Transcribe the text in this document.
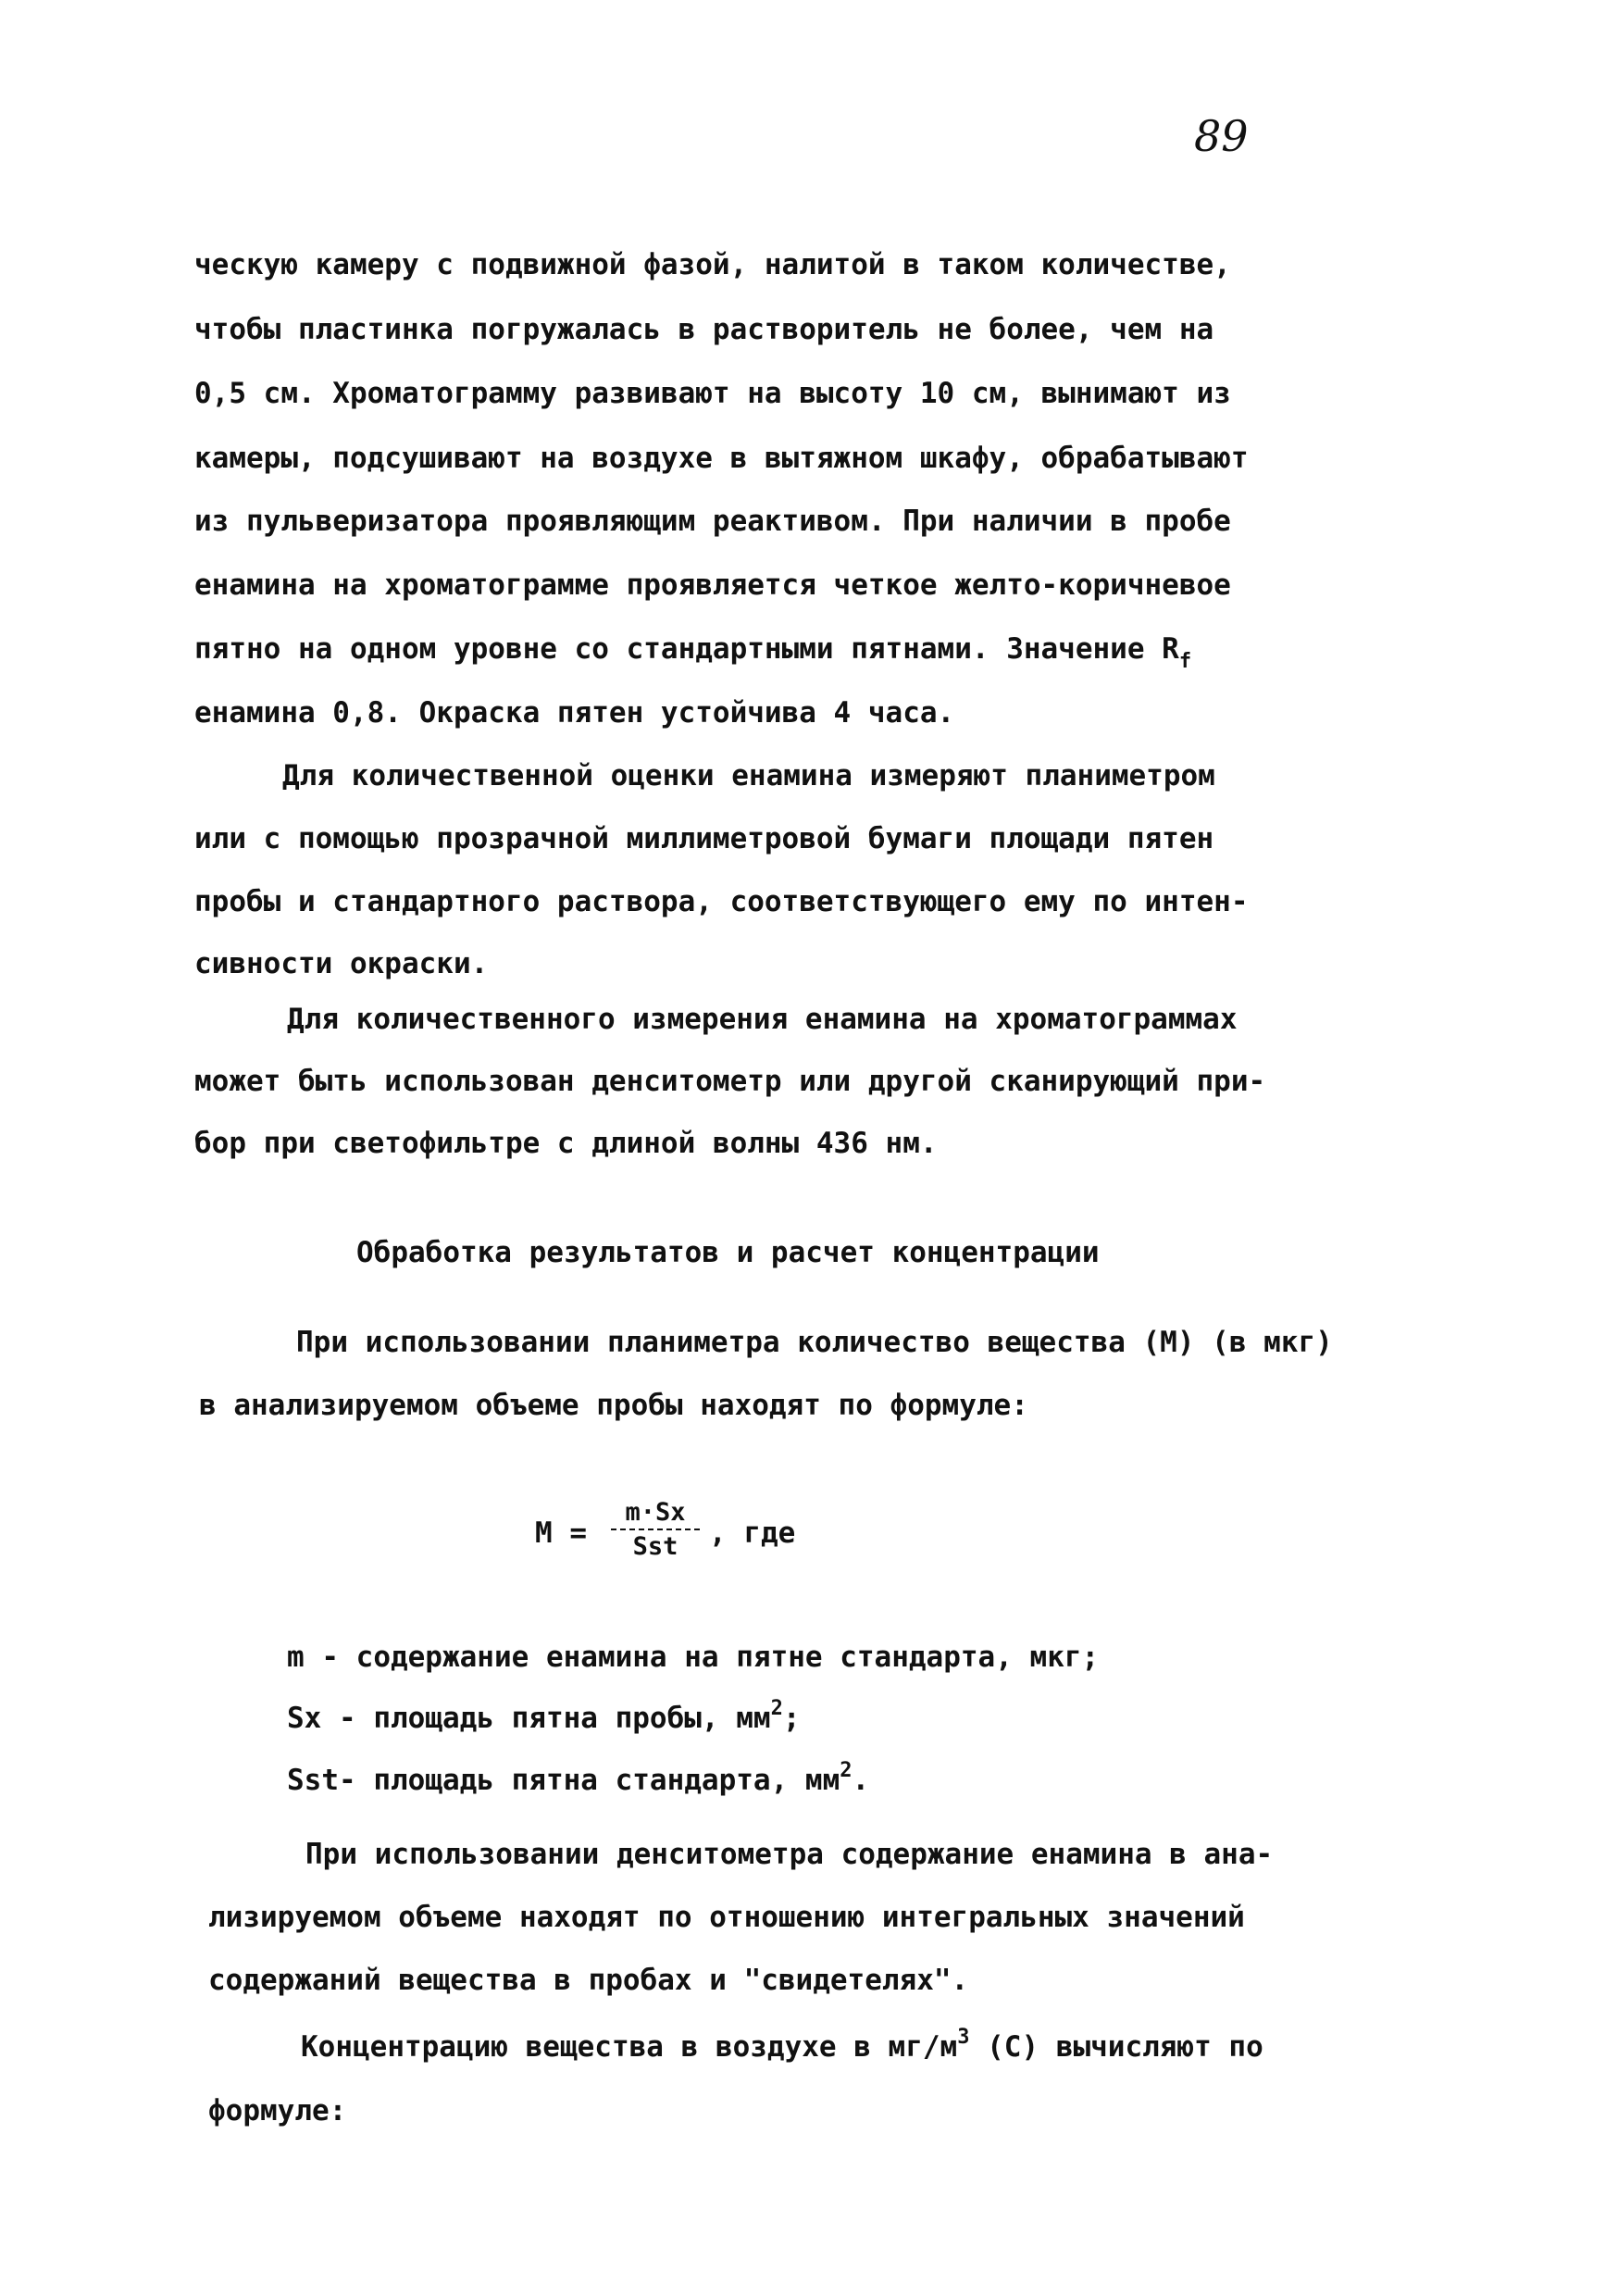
89
ческую камеру с подвижной фазой, налитой в таком количестве,
чтобы пластинка погружалась в растворитель не более, чем на
0,5 см. Хроматограмму развивают на высоту 10 см, вынимают из
камеры, подсушивают на воздухе в вытяжном шкафу, обрабатывают
из пульверизатора проявляющим реактивом. При наличии в пробе
енамина на хроматограмме проявляется четкое желто-коричневое
пятно на одном уровне со стандартными пятнами. Значение $R_f$
енамина 0,8. Окраска пятен устойчива 4 часа.
Для количественной оценки енамина измеряют планиметром
или с помощью прозрачной миллиметровой бумаги площади пятен
пробы и стандартного раствора, соответствующего ему по интен-
сивности окраски.
Для количественного измерения енамина на хроматограммах
может быть использован денситометр или другой сканирующий при-
бор при светофильтре с длиной волны 436 нм.
Обработка результатов и расчет концентрации
При использовании планиметра количество вещества (М) (в мкг)
в анализируемом объеме пробы находят по формуле:
М =
m·Sx
Sst	, где
m - содержание енамина на пятне стандарта, мкг;
Sx - площадь пятна пробы, $мм^2$;
Sst- площадь пятна стандарта, $мм^2$.
При использовании денситометра содержание енамина в ана-
лизируемом объеме находят по отношению интегральных значений
содержаний вещества в пробах и "свидетелях".
Концентрацию вещества в воздухе в $мг/м^3$ (С) вычисляют по
формуле:
